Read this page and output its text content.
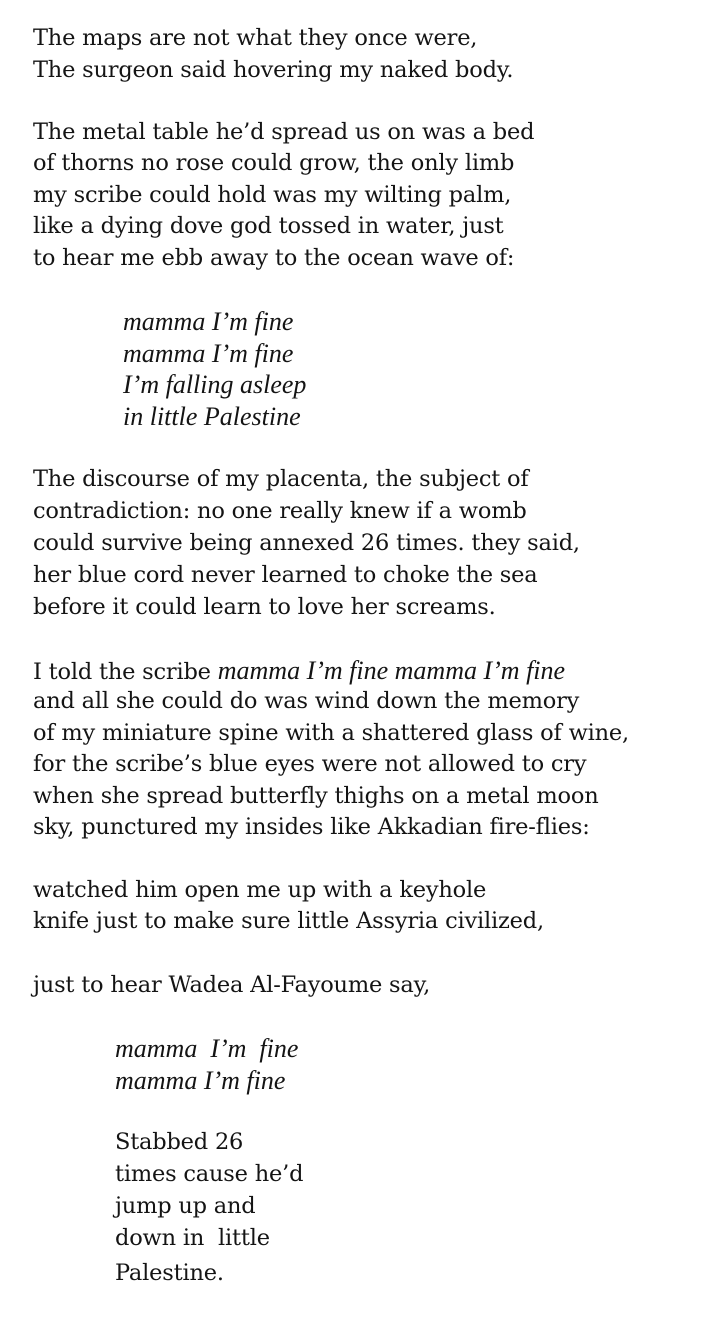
The maps are not what they once were,
The surgeon said hovering my naked body.
The metal table he’d spread us on was a bed
of thorns no rose could grow, the only limb
my scribe could hold was my wilting palm,
like a dying dove god tossed in water, just
to hear me ebb away to the ocean wave of:
mamma I’m fine
mamma I’m fine
I’m falling asleep
in little Palestine
The discourse of my placenta, the subject of
contradiction: no one really knew if a womb
could survive being annexed 26 times. they said,
her blue cord never learned to choke the sea
before it could learn to love her screams.
I told the scribe mamma I’m fine mamma I’m fine
and all she could do was wind down the memory
of my miniature spine with a shattered glass of wine,
for the scribe’s blue eyes were not allowed to cry
when she spread butterfly thighs on a metal moon
sky, punctured my insides like Akkadian fire-flies:
watched him open me up with a keyhole
knife just to make sure little Assyria civilized,
just to hear Wadea Al-Fayoume say,
mamma  I’m  fine
mamma I’m fine
Stabbed 26
times cause he’d
jump up and
down in  little
Palestine.
